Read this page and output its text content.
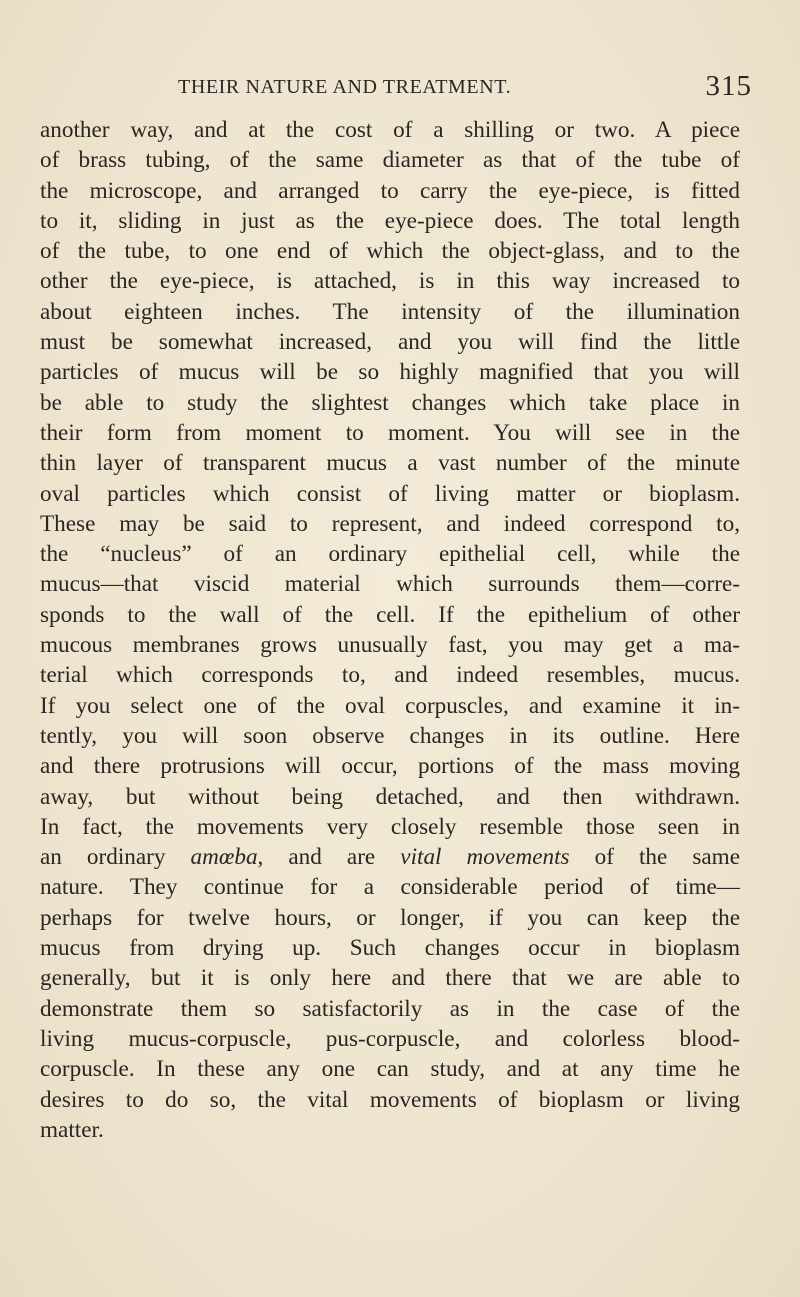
THEIR NATURE AND TREATMENT.	315
another way, and at the cost of a shilling or two. A piece
of brass tubing, of the same diameter as that of the tube of
the microscope, and arranged to carry the eye-piece, is fitted
to it, sliding in just as the eye-piece does. The total length
of the tube, to one end of which the object-glass, and to the
other the eye-piece, is attached, is in this way increased to
about eighteen inches. The intensity of the illumination
must be somewhat increased, and you will find the little
particles of mucus will be so highly magnified that you will
be able to study the slightest changes which take place in
their form from moment to moment. You will see in the
thin layer of transparent mucus a vast number of the minute
oval particles which consist of living matter or bioplasm.
These may be said to represent, and indeed correspond to,
the “nucleus” of an ordinary epithelial cell, while the
mucus—that viscid material which surrounds them—corre-
sponds to the wall of the cell. If the epithelium of other
mucous membranes grows unusually fast, you may get a ma-
terial which corresponds to, and indeed resembles, mucus.
If you select one of the oval corpuscles, and examine it in-
tently, you will soon observe changes in its outline. Here
and there protrusions will occur, portions of the mass moving
away, but without being detached, and then withdrawn.
In fact, the movements very closely resemble those seen in
an ordinary amœba, and are vital movements of the same
nature. They continue for a considerable period of time—
perhaps for twelve hours, or longer, if you can keep the
mucus from drying up. Such changes occur in bioplasm
generally, but it is only here and there that we are able to
demonstrate them so satisfactorily as in the case of the
living mucus-corpuscle, pus-corpuscle, and colorless blood-
corpuscle. In these any one can study, and at any time he
desires to do so, the vital movements of bioplasm or living
matter.
